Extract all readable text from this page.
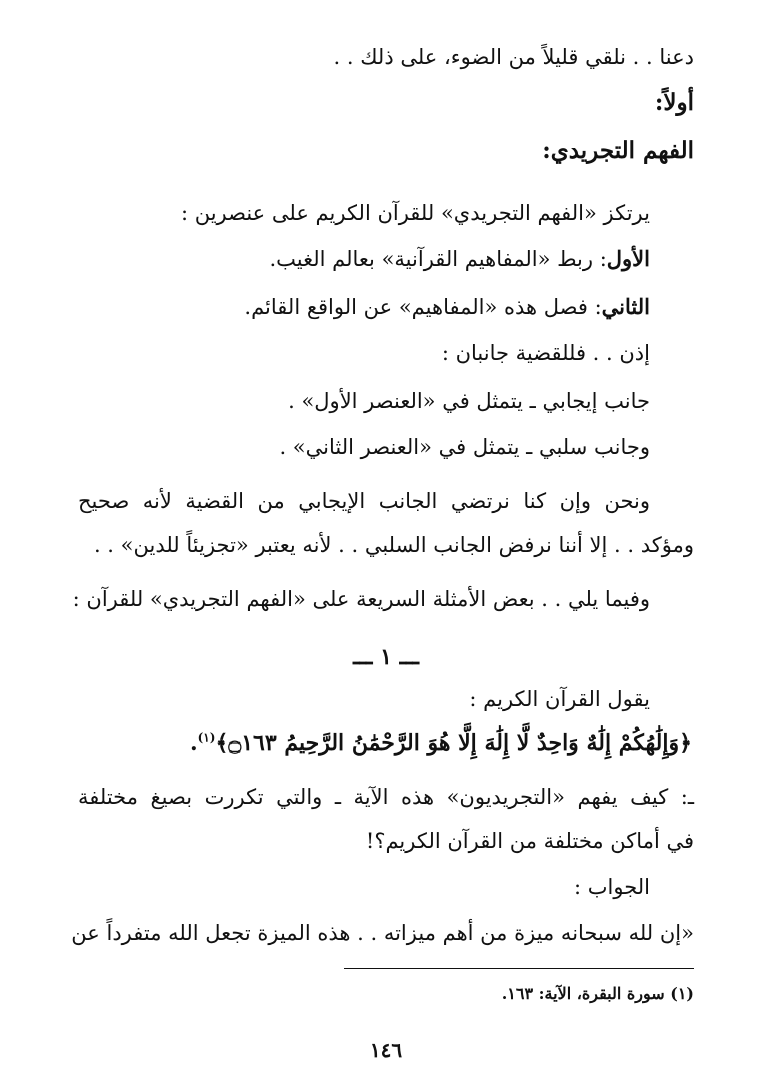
دعنا . . نلقي قليلاً من الضوء، على ذلك . .
أولاً:
الفهم التجريدي:
يرتكز «الفهم التجريدي» للقرآن الكريم على عنصرين :
الأول: ربط «المفاهيم القرآنية» بعالم الغيب.
الثاني: فصل هذه «المفاهيم» عن الواقع القائم.
إذن . . فللقضية جانبان :
جانب إيجابي ـ يتمثل في «العنصر الأول» .
وجانب سلبي ـ يتمثل في «العنصر الثاني» .
ونحن وإن كنا نرتضي الجانب الإيجابي من القضية لأنه صحيح
ومؤكد . . إلا أننا نرفض الجانب السلبي . . لأنه يعتبر «تجزيئاً للدين» . .
وفيما يلي . . بعض الأمثلة السريعة على «الفهم التجريدي» للقرآن :
ـــ ١ ـــ
يقول القرآن الكريم :
﴿وَإِلَٰهُكُمْ إِلَٰهٌ وَاحِدٌ لَّا إِلَٰهَ إِلَّا هُوَ الرَّحْمَٰنُ الرَّحِيمُ ۝١٦٣﴾$^{(١)}$.
ـ: كيف يفهم «التجريديون» هذه الآية ـ والتي تكررت بصيغ مختلفة
في أماكن مختلفة من القرآن الكريم؟!
الجواب :
«إن لله سبحانه ميزة من أهم ميزاته . . هذه الميزة تجعل الله متفرداً عن
(١) سورة البقرة، الآية: ١٦٣.
١٤٦
